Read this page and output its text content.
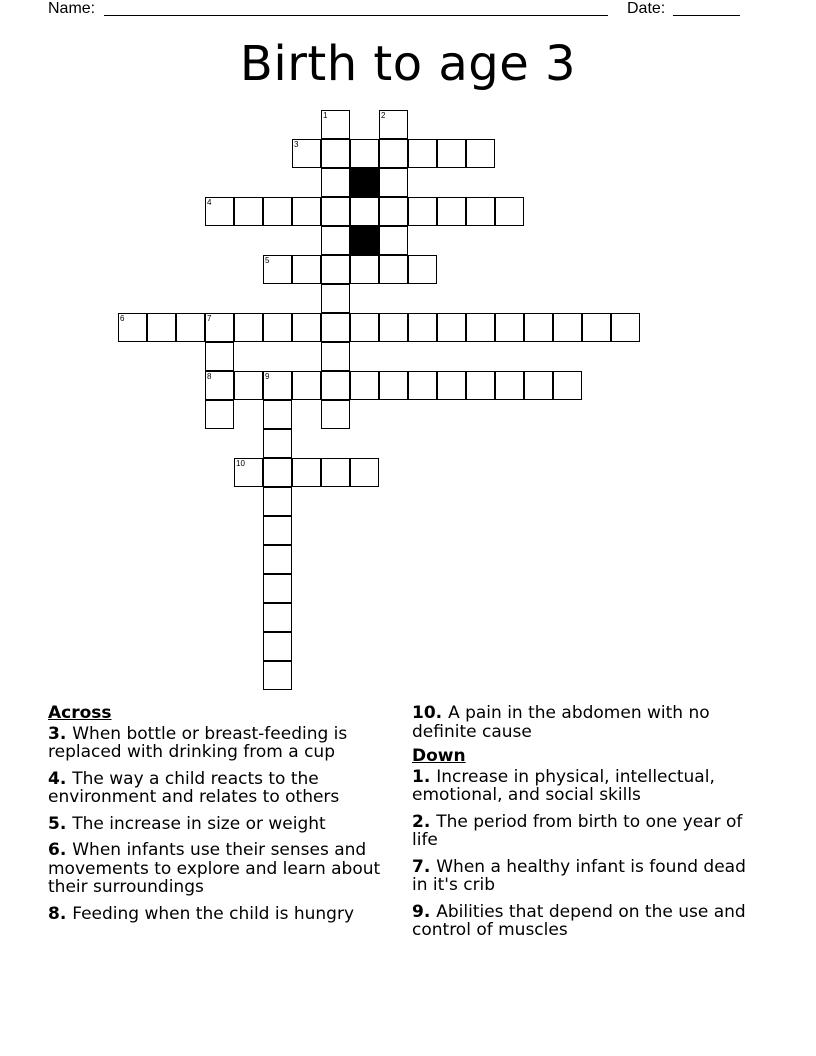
Name:	Date:
Birth to age 3
1	2
3
4
5
6	7
8	9
10
Across
3. When bottle or breast-feeding is replaced with drinking from a cup
4. The way a child reacts to the environment and relates to others
5. The increase in size or weight
6. When infants use their senses and movements to explore and learn about their surroundings
8. Feeding when the child is hungry
10. A pain in the abdomen with no definite cause
Down
1. Increase in physical, intellectual, emotional, and social skills
2. The period from birth to one year of life
7. When a healthy infant is found dead in it's crib
9. Abilities that depend on the use and control of muscles
